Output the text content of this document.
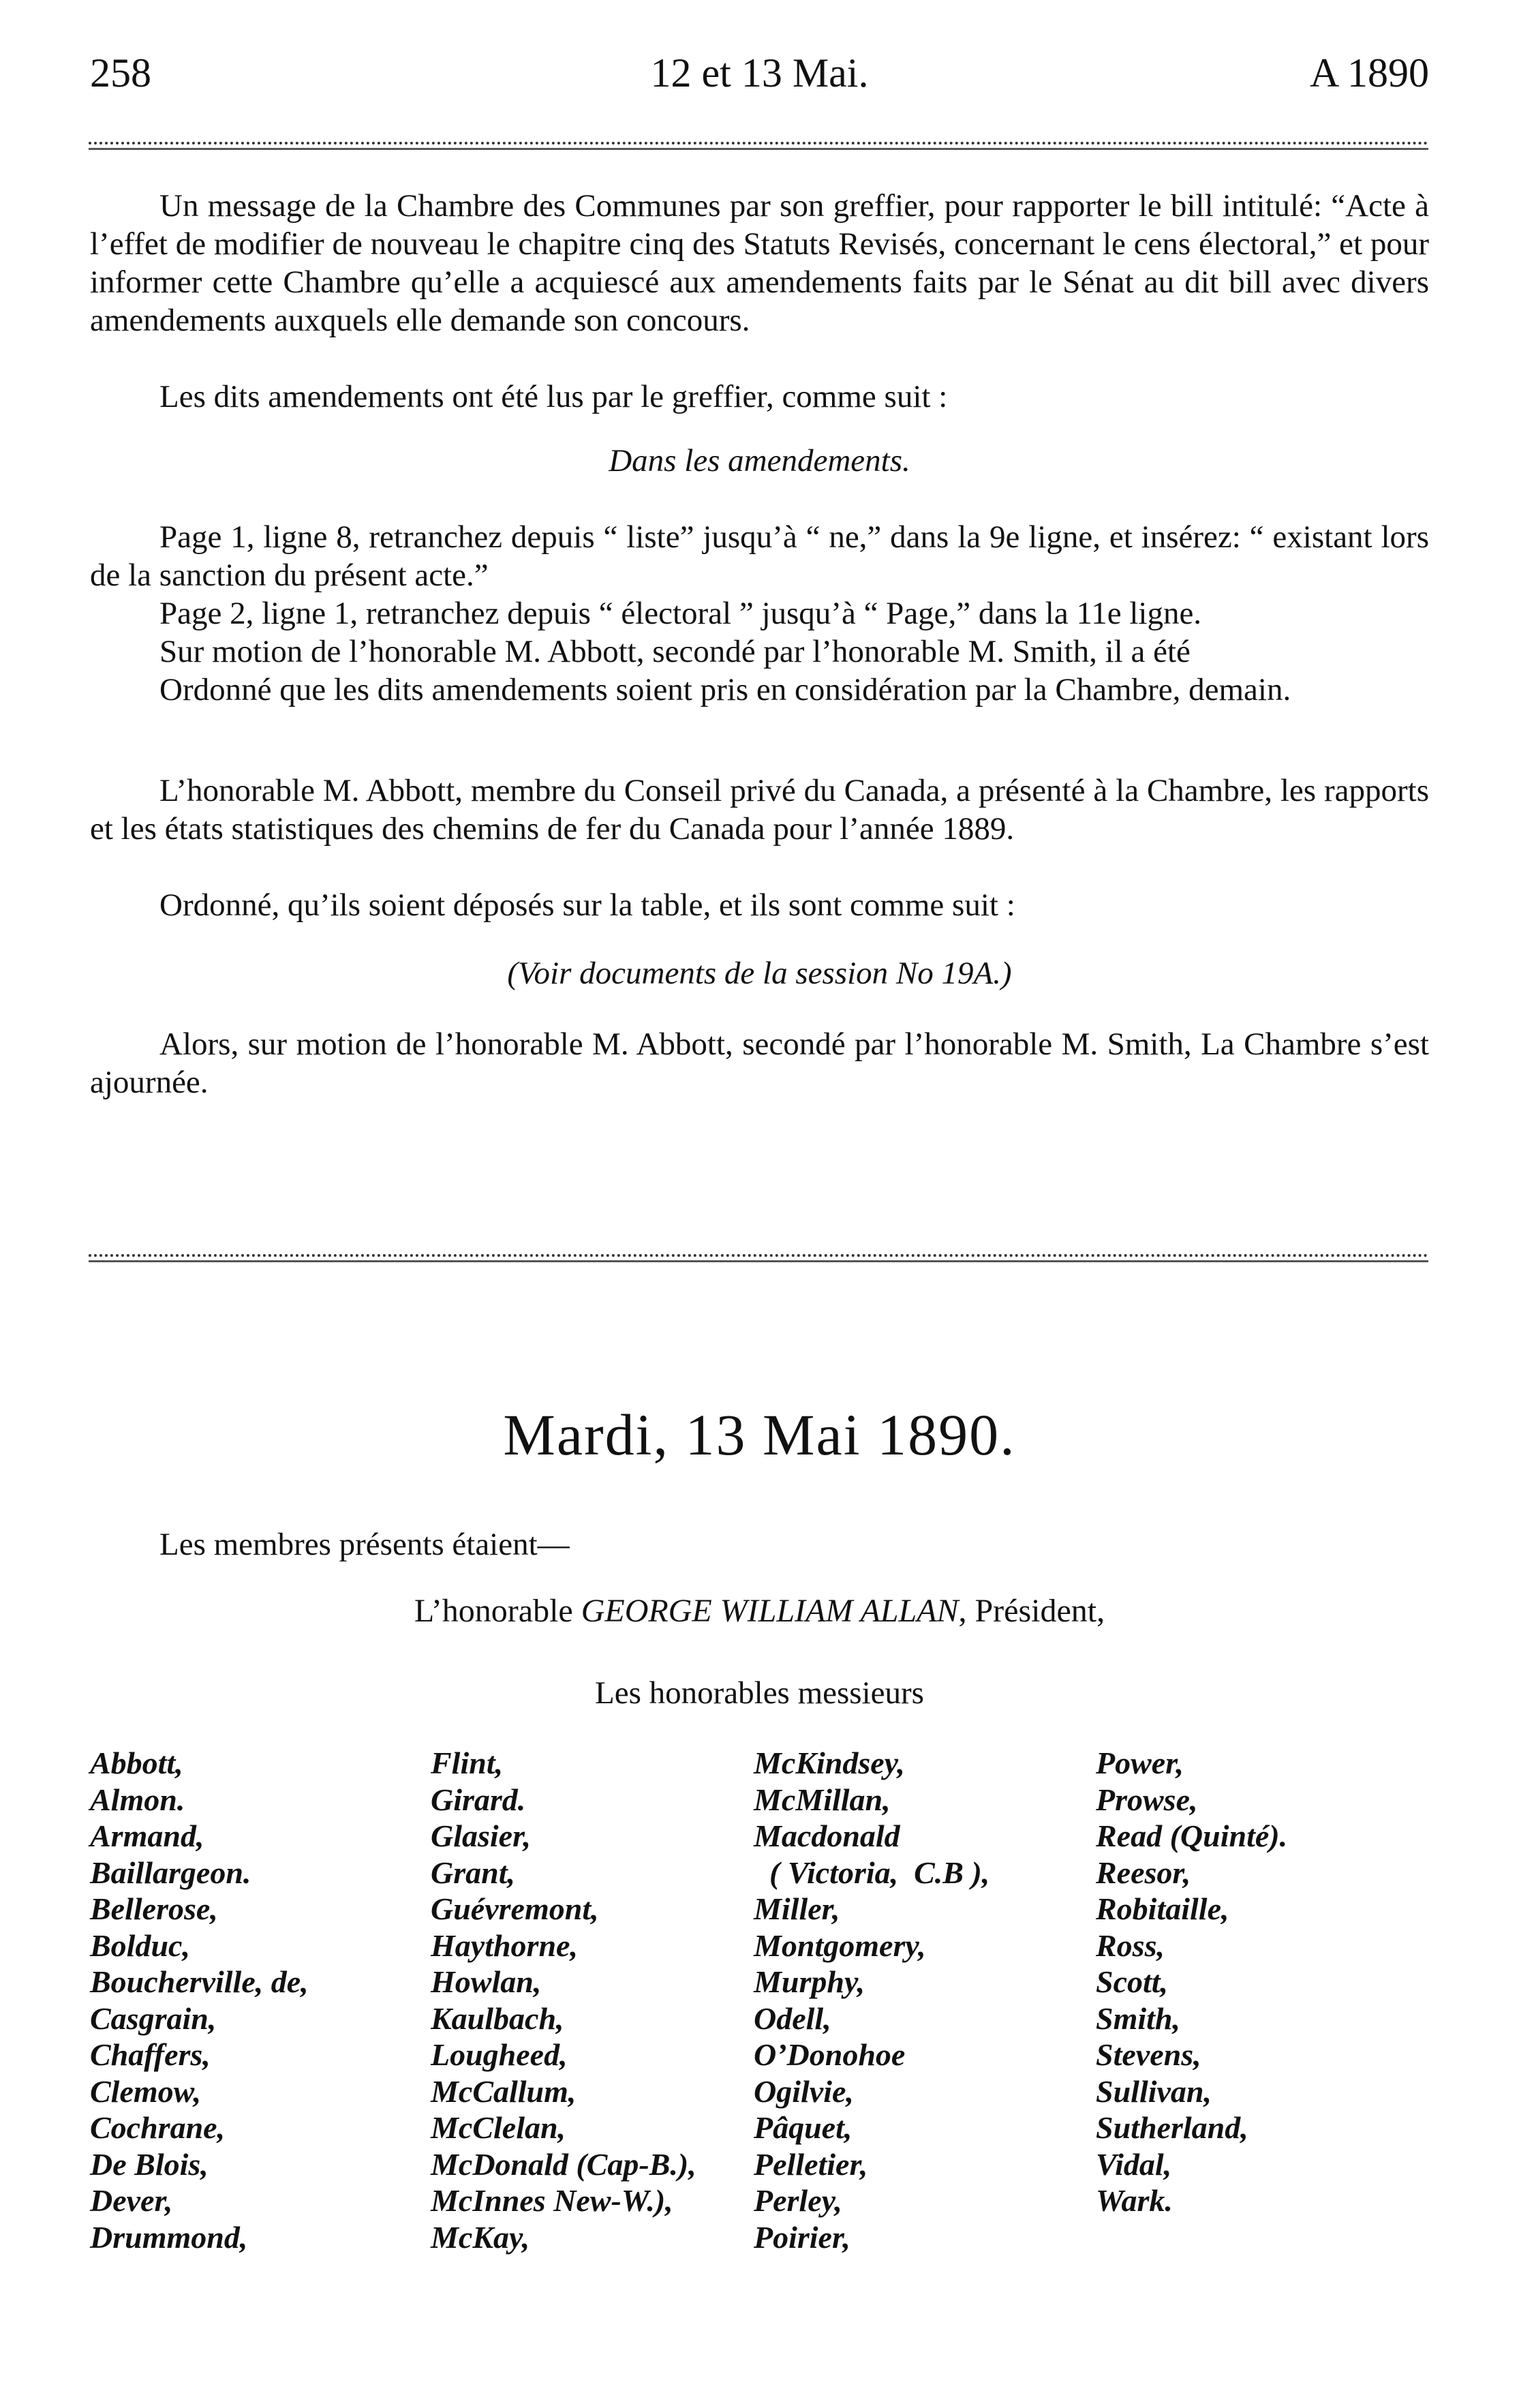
258	12 et 13 Mai.	A 1890
Un message de la Chambre des Communes par son greffier, pour rapporter le bill intitulé: “Acte à l’effet de modifier de nouveau le chapitre cinq des Statuts Revisés, concernant le cens électoral,” et pour informer cette Chambre qu’elle a acquiescé aux amendements faits par le Sénat au dit bill avec divers amendements auxquels elle demande son concours.
Les dits amendements ont été lus par le greffier, comme suit :
Dans les amendements.
Page 1, ligne 8, retranchez depuis “ liste” jusqu’à “ ne,” dans la 9e ligne, et insérez: “ existant lors de la sanction du présent acte.”
Page 2, ligne 1, retranchez depuis “ électoral ” jusqu’à “ Page,” dans la 11e ligne.
Sur motion de l’honorable M. Abbott, secondé par l’honorable M. Smith, il a été
Ordonné que les dits amendements soient pris en considération par la Chambre, demain.
L’honorable M. Abbott, membre du Conseil privé du Canada, a présenté à la Chambre, les rapports et les états statistiques des chemins de fer du Canada pour l’année 1889.
Ordonné, qu’ils soient déposés sur la table, et ils sont comme suit :
(Voir documents de la session No 19A.)
Alors, sur motion de l’honorable M. Abbott, secondé par l’honorable M. Smith, La Chambre s’est ajournée.
Mardi, 13 Mai 1890.
Les membres présents étaient—
L’honorable GEORGE WILLIAM ALLAN, Président,
Les honorables messieurs
Abbott,
Almon.
Armand,
Baillargeon.
Bellerose,
Bolduc,
Boucherville, de,
Casgrain,
Chaffers,
Clemow,
Cochrane,
De Blois,
Dever,
Drummond,
Flint,
Girard.
Glasier,
Grant,
Guévremont,
Haythorne,
Howlan,
Kaulbach,
Lougheed,
McCallum,
McClelan,
McDonald (Cap-B.),
McInnes New-W.),
McKay,
McKindsey,
McMillan,
Macdonald
( Victoria,  C.B ),
Miller,
Montgomery,
Murphy,
Odell,
O’Donohoe
Ogilvie,
Pâquet,
Pelletier,
Perley,
Poirier,
Power,
Prowse,
Read (Quinté).
Reesor,
Robitaille,
Ross,
Scott,
Smith,
Stevens,
Sullivan,
Sutherland,
Vidal,
Wark.
